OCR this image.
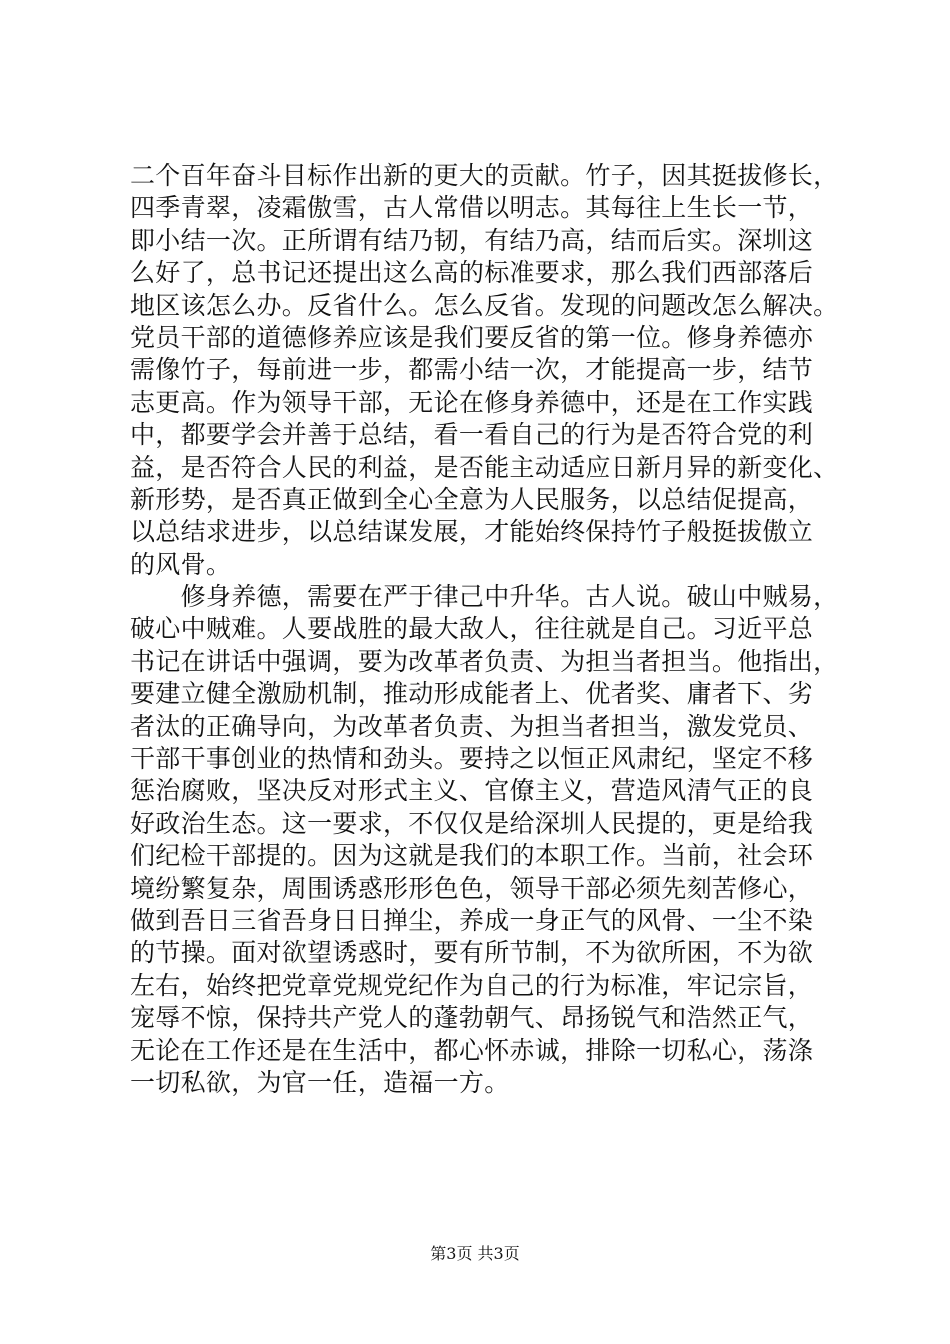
二个百年奋斗目标作出新的更大的贡献。竹子，因其挺拔修长，
四季青翠，凌霜傲雪，古人常借以明志。其每往上生长一节，
即小结一次。正所谓有结乃韧，有结乃高，结而后实。深圳这
么好了，总书记还提出这么高的标准要求，那么我们西部落后
地区该怎么办。反省什么。怎么反省。发现的问题改怎么解决。
党员干部的道德修养应该是我们要反省的第一位。修身养德亦
需像竹子，每前进一步，都需小结一次，才能提高一步，结节
志更高。作为领导干部，无论在修身养德中，还是在工作实践
中，都要学会并善于总结，看一看自己的行为是否符合党的利
益，是否符合人民的利益，是否能主动适应日新月异的新变化、
新形势，是否真正做到全心全意为人民服务，以总结促提高，
以总结求进步，以总结谋发展，才能始终保持竹子般挺拔傲立
的风骨。
　　修身养德，需要在严于律己中升华。古人说。破山中贼易，
破心中贼难。人要战胜的最大敌人，往往就是自己。习近平总
书记在讲话中强调，要为改革者负责、为担当者担当。他指出，
要建立健全激励机制，推动形成能者上、优者奖、庸者下、劣
者汰的正确导向，为改革者负责、为担当者担当，激发党员、
干部干事创业的热情和劲头。要持之以恒正风肃纪，坚定不移
惩治腐败，坚决反对形式主义、官僚主义，营造风清气正的良
好政治生态。这一要求，不仅仅是给深圳人民提的，更是给我
们纪检干部提的。因为这就是我们的本职工作。当前，社会环
境纷繁复杂，周围诱惑形形色色，领导干部必须先刻苦修心，
做到吾日三省吾身日日掸尘，养成一身正气的风骨、一尘不染
的节操。面对欲望诱惑时，要有所节制，不为欲所困，不为欲
左右，始终把党章党规党纪作为自己的行为标准，牢记宗旨，
宠辱不惊，保持共产党人的蓬勃朝气、昂扬锐气和浩然正气，
无论在工作还是在生活中，都心怀赤诚，排除一切私心，荡涤
一切私欲，为官一任，造福一方。
第3页 共3页
